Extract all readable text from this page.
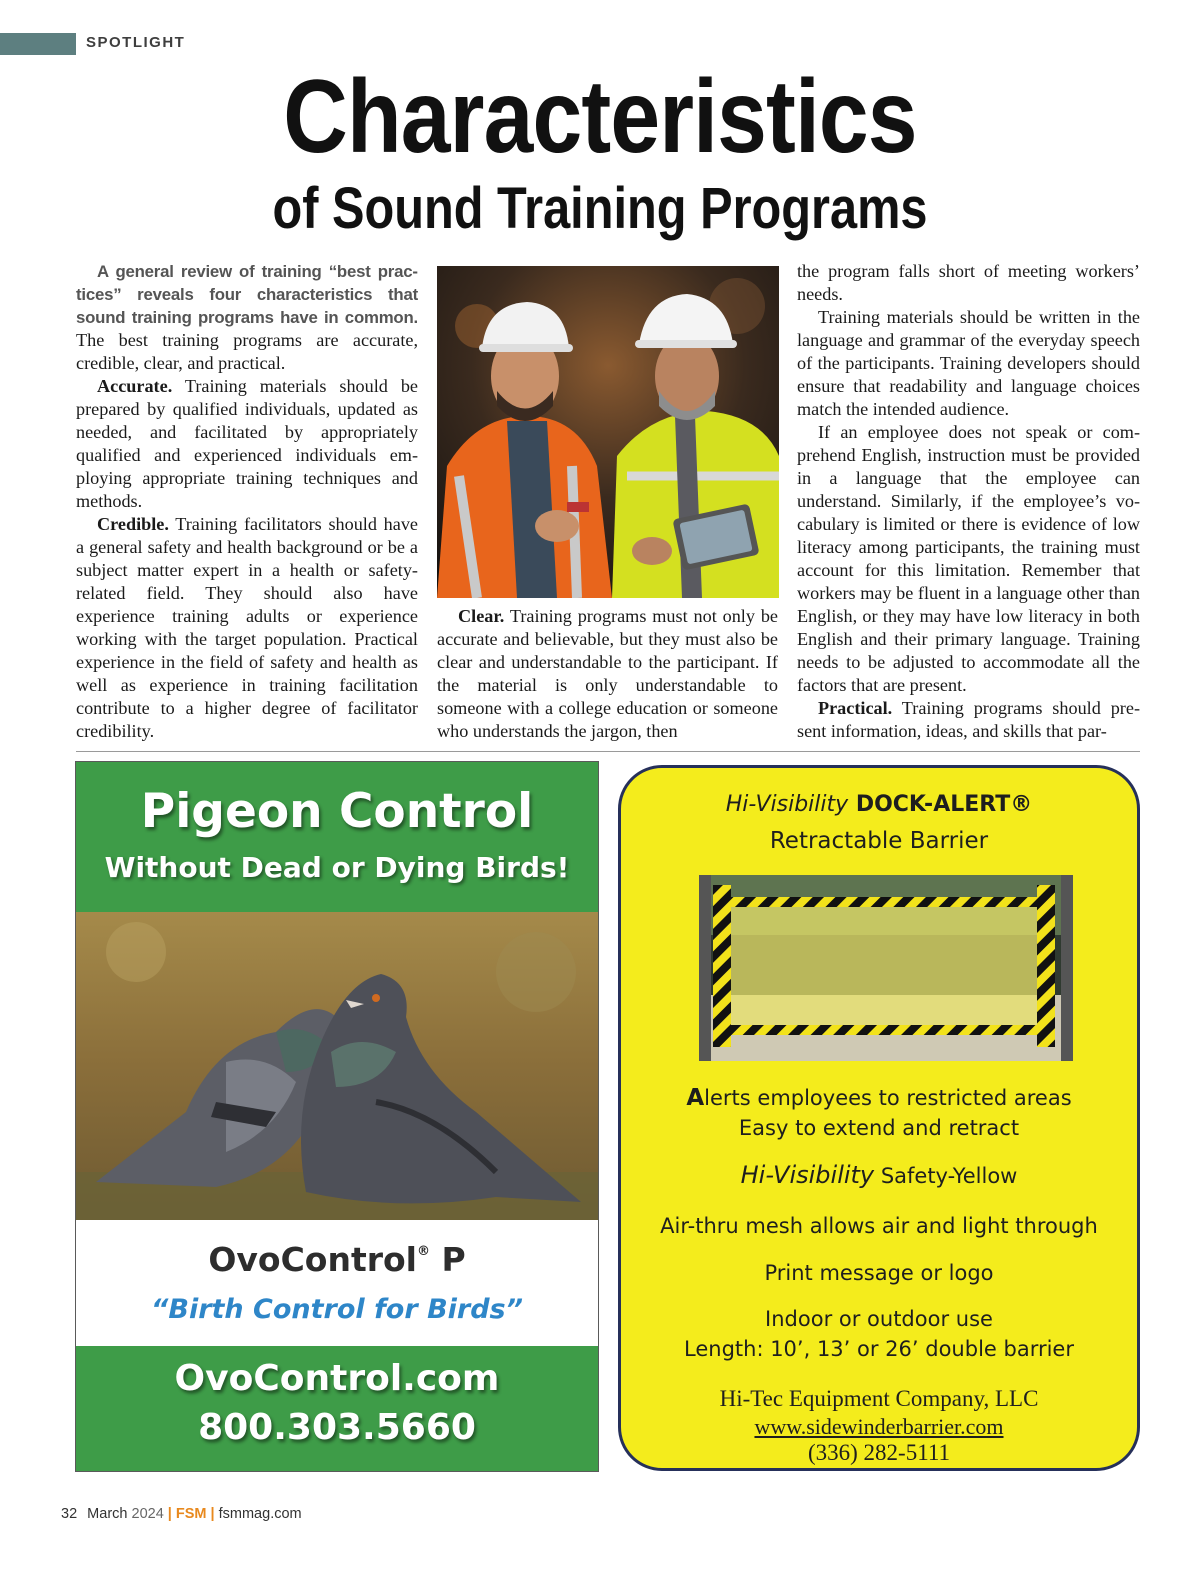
SPOTLIGHT
Characteristics
of Sound Training Programs

A general review of training “best practices” reveals four characteristics that sound training programs have in common. The best training programs are accurate, credible, clear, and practical.

Accurate. Training materials should be prepared by qualified individuals, updated as needed, and facilitated by appropriately qualified and experienced individuals employing appropriate training techniques and methods.

Credible. Training facilitators should have a general safety and health background or be a subject matter expert in a health or safety-related field. They should also have experience training adults or experience working with the target population. Practical experience in the field of safety and health as well as experience in training facilitation contribute to a higher degree of facilitator credibility.

Clear. Training programs must not only be accurate and believable, but they must also be clear and understandable to the participant. If the material is only understandable to someone with a college education or someone who understands the jargon, then

the program falls short of meeting workers’ needs.

Training materials should be written in the language and grammar of the everyday speech of the participants. Training developers should ensure that readability and language choices match the intended audience.

If an employee does not speak or comprehend English, instruction must be provided in a language that the employee can understand. Similarly, if the employee’s vocabulary is limited or there is evidence of low literacy among participants, the training must account for this limitation. Remember that workers may be fluent in a language other than English, or they may have low literacy in both English and their primary language. Training needs to be adjusted to accommodate all the factors that are present.

Practical. Training programs should present information, ideas, and skills that par-

Pigeon Control
Without Dead or Dying Birds!
OvoControl® P
“Birth Control for Birds”
OvoControl.com
800.303.5660
Hi-Visibility DOCK-ALERT®
Retractable Barrier
Alerts employees to restricted areas
Easy to extend and retract
Hi-Visibility Safety-Yellow
Air-thru mesh allows air and light through
Print message or logo
Indoor or outdoor use
Length: 10’, 13’ or 26’ double barrier
Hi-Tec Equipment Company, LLC
www.sidewinderbarrier.com
(336) 282-5111
32 March 2024 | FSM | fsmmag.com
